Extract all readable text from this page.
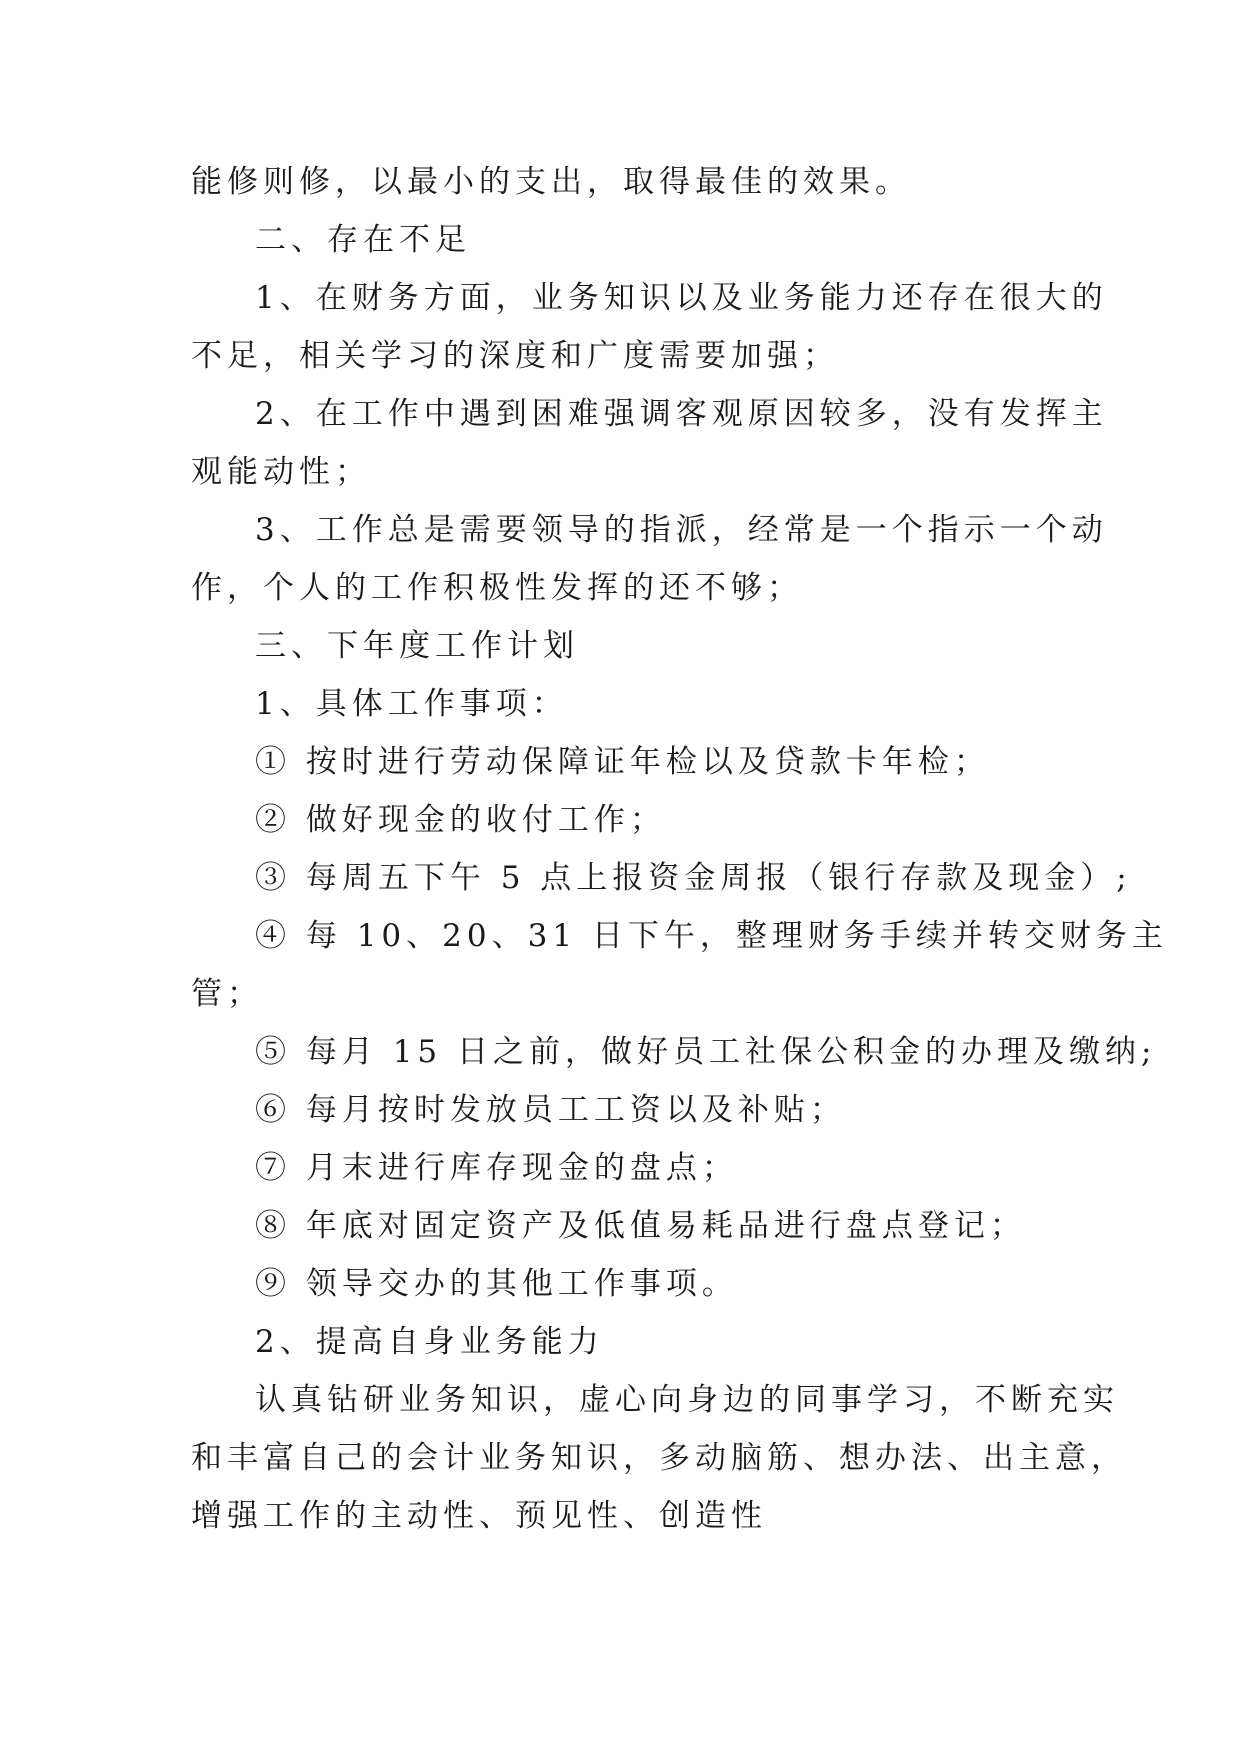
能修则修，以最小的支出，取得最佳的效果。

二、存在不足

1、在财务方面，业务知识以及业务能力还存在很大的

不足，相关学习的深度和广度需要加强；

2、在工作中遇到困难强调客观原因较多，没有发挥主

观能动性；

3、工作总是需要领导的指派，经常是一个指示一个动

作，个人的工作积极性发挥的还不够；

三、下年度工作计划

1、具体工作事项：

① 按时进行劳动保障证年检以及贷款卡年检；

② 做好现金的收付工作；

③ 每周五下午 5 点上报资金周报（银行存款及现金）;

④ 每 10、20、31 日下午，整理财务手续并转交财务主

管；

⑤ 每月 15 日之前，做好员工社保公积金的办理及缴纳;

⑥ 每月按时发放员工工资以及补贴；

⑦ 月末进行库存现金的盘点；

⑧ 年底对固定资产及低值易耗品进行盘点登记；

⑨ 领导交办的其他工作事项。

2、提高自身业务能力

认真钻研业务知识，虚心向身边的同事学习，不断充实

和丰富自己的会计业务知识，多动脑筋、想办法、出主意，

增强工作的主动性、预见性、创造性
